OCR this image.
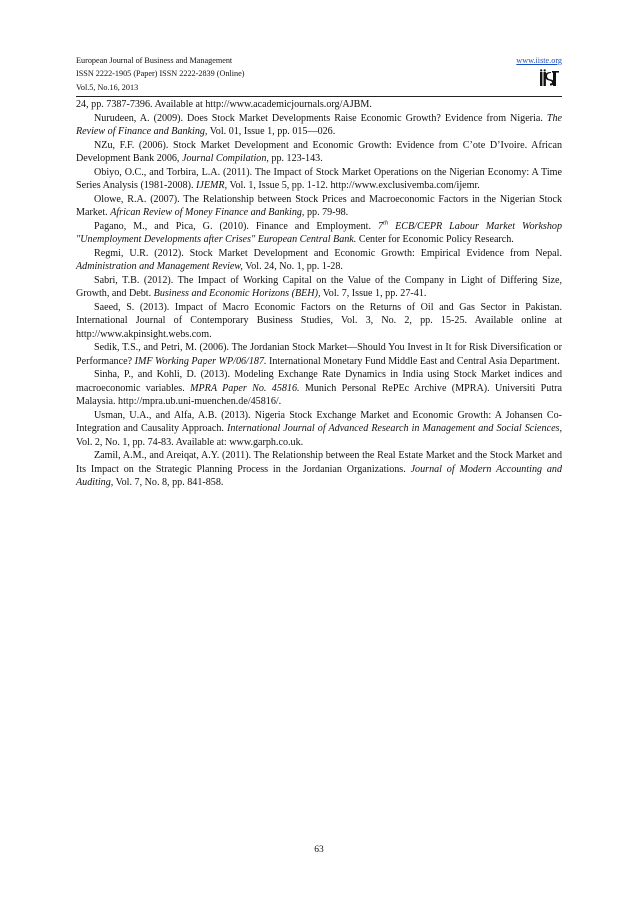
European Journal of Business and Management
ISSN 2222-1905 (Paper) ISSN 2222-2839 (Online)
Vol.5, No.16, 2013
www.iiste.org

24, pp. 7387-7396. Available at http://www.academicjournals.org/AJBM.

Nurudeen, A. (2009). Does Stock Market Developments Raise Economic Growth? Evidence from Nigeria. The Review of Finance and Banking, Vol. 01, Issue 1, pp. 015—026.

NZu, F.F. (2006). Stock Market Development and Economic Growth: Evidence from C’ote D’Ivoire. African Development Bank 2006, Journal Compilation, pp. 123-143.

Obiyo, O.C., and Torbira, L.A. (2011). The Impact of Stock Market Operations on the Nigerian Economy: A Time Series Analysis (1981-2008). IJEMR, Vol. 1, Issue 5, pp. 1-12. http://www.exclusivemba.com/ijemr.

Olowe, R.A. (2007). The Relationship between Stock Prices and Macroeconomic Factors in the Nigerian Stock Market. African Review of Money Finance and Banking, pp. 79-98.

Pagano, M., and Pica, G. (2010). Finance and Employment. 7th ECB/CEPR Labour Market Workshop "Unemployment Developments after Crises" European Central Bank. Center for Economic Policy Research.

Regmi, U.R. (2012). Stock Market Development and Economic Growth: Empirical Evidence from Nepal. Administration and Management Review, Vol. 24, No. 1, pp. 1-28.

Sabri, T.B. (2012). The Impact of Working Capital on the Value of the Company in Light of Differing Size, Growth, and Debt. Business and Economic Horizons (BEH), Vol. 7, Issue 1, pp. 27-41.

Saeed, S. (2013). Impact of Macro Economic Factors on the Returns of Oil and Gas Sector in Pakistan. International Journal of Contemporary Business Studies, Vol. 3, No. 2, pp. 15-25. Available online at http://www.akpinsight.webs.com.

Sedik, T.S., and Petri, M. (2006). The Jordanian Stock Market—Should You Invest in It for Risk Diversification or Performance? IMF Working Paper WP/06/187. International Monetary Fund Middle East and Central Asia Department.

Sinha, P., and Kohli, D. (2013). Modeling Exchange Rate Dynamics in India using Stock Market indices and macroeconomic variables. MPRA Paper No. 45816. Munich Personal RePEc Archive (MPRA). Universiti Putra Malaysia. http://mpra.ub.uni-muenchen.de/45816/.

Usman, U.A., and Alfa, A.B. (2013). Nigeria Stock Exchange Market and Economic Growth: A Johansen Co-Integration and Causality Approach. International Journal of Advanced Research in Management and Social Sciences, Vol. 2, No. 1, pp. 74-83. Available at: www.garph.co.uk.

Zamil, A.M., and Areiqat, A.Y. (2011). The Relationship between the Real Estate Market and the Stock Market and Its Impact on the Strategic Planning Process in the Jordanian Organizations. Journal of Modern Accounting and Auditing, Vol. 7, No. 8, pp. 841-858.

63
